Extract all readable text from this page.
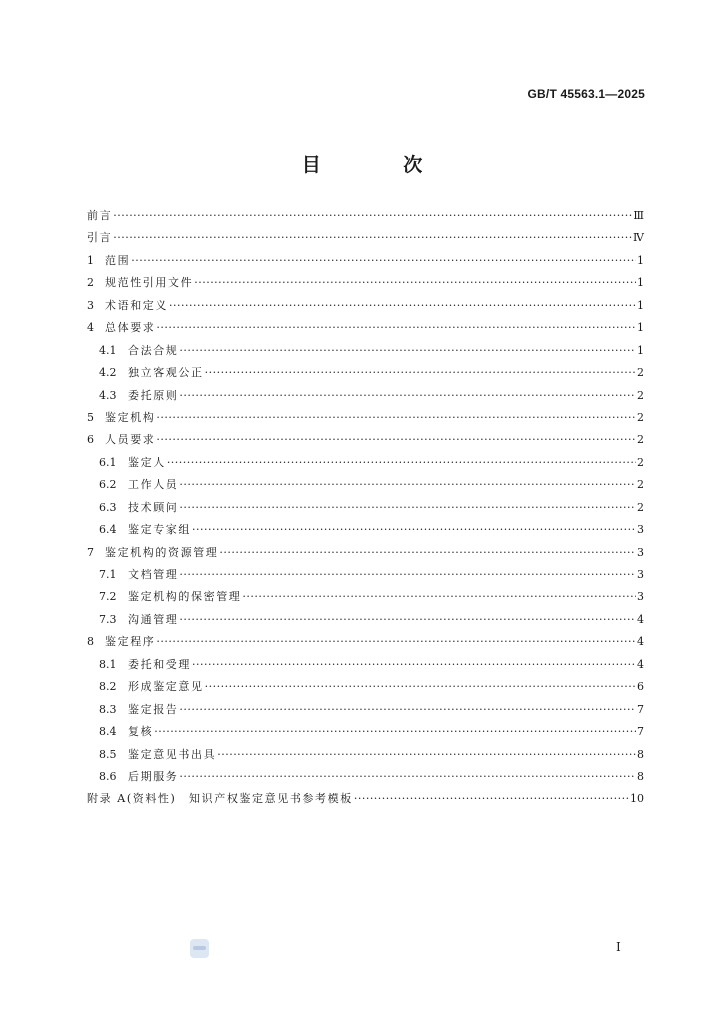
GB/T 45563.1—2025
目 次
前言 ·····	Ⅲ
引言 ·····	Ⅳ
1	范围 ·····	1
2	规范性引用文件 ·····	1
3	术语和定义 ·····	1
4	总体要求 ·····	1
4.1	合法合规 ·····	1
4.2	独立客观公正 ·····	2
4.3	委托原则 ·····	2
5	鉴定机构 ·····	2
6	人员要求 ·····	2
6.1	鉴定人 ·····	2
6.2	工作人员 ·····	2
6.3	技术顾问 ·····	2
6.4	鉴定专家组 ·····	3
7	鉴定机构的资源管理 ·····	3
7.1	文档管理 ·····	3
7.2	鉴定机构的保密管理 ·····	3
7.3	沟通管理 ·····	4
8	鉴定程序 ·····	4
8.1	委托和受理 ·····	4
8.2	形成鉴定意见 ·····	6
8.3	鉴定报告 ·····	7
8.4	复核 ·····	7
8.5	鉴定意见书出具 ·····	8
8.6	后期服务 ·····	8
附录 A(资料性)　知识产权鉴定意见书参考模板 ·····	10
I
